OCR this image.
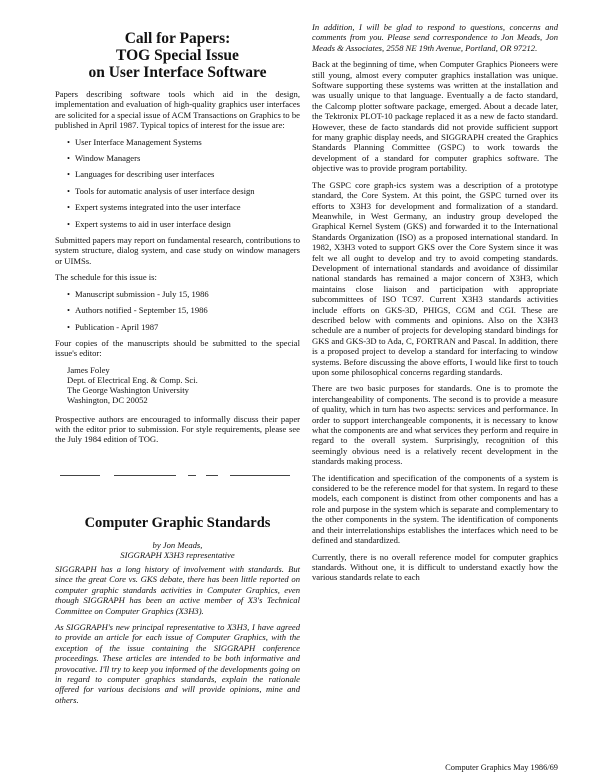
Call for Papers:
TOG Special Issue
on User Interface Software

Papers describing software tools which aid in the design, implementation and evaluation of high-quality graphics user interfaces are solicited for a special issue of ACM Transactions on Graphics to be published in April 1987. Typical topics of interest for the issue are:

• User Interface Management Systems
• Window Managers
• Languages for describing user interfaces
• Tools for automatic analysis of user interface design
• Expert systems integrated into the user interface
• Expert systems to aid in user interface design

Submitted papers may report on fundamental research, contributions to system structure, dialog system, and case study on window managers or UIMSs.

The schedule for this issue is:

• Manuscript submission - July 15, 1986
• Authors notified - September 15, 1986
• Publication - April 1987

Four copies of the manuscripts should be submitted to the special issue's editor:

James Foley
Dept. of Electrical Eng. & Comp. Sci.
The George Washington University
Washington, DC 20052

Prospective authors are encouraged to informally discuss their paper with the editor prior to submission. For style requirements, please see the July 1984 edition of TOG.

Computer Graphic Standards
by Jon Meads,
SIGGRAPH X3H3 representative

SIGGRAPH has a long history of involvement with standards. But since the great Core vs. GKS debate, there has been little reported on computer graphic standards activities in Computer Graphics, even though SIGGRAPH has been an active member of X3's Technical Committee on Computer Graphics (X3H3).

As SIGGRAPH's new principal representative to X3H3, I have agreed to provide an article for each issue of Computer Graphics, with the exception of the issue containing the SIGGRAPH conference proceedings. These articles are intended to be both informative and provocative. I'll try to keep you informed of the developments going on in regard to computer graphics standards, explain the rationale offered for various decisions and will provide opinions, mine and others.

In addition, I will be glad to respond to questions, concerns and comments from you. Please send correspondence to Jon Meads, Jon Meads & Associates, 2558 NE 19th Avenue, Portland, OR 97212.

Back at the beginning of time, when Computer Graphics Pioneers were still young, almost every computer graphics installation was unique. Software supporting these systems was written at the installation and was usually unique to that language. Eventually a de facto standard, the Calcomp plotter software package, emerged. About a decade later, the Tektronix PLOT-10 package replaced it as a new de facto standard. However, these de facto standards did not provide sufficient support for many graphic display needs, and SIGGRAPH created the Graphics Standards Planning Committee (GSPC) to work towards the development of a standard for computer graphics software. The objective was to provide program portability.

The GSPC core graph-ics system was a description of a prototype standard, the Core System. At this point, the GSPC turned over its efforts to X3H3 for development and formalization of a standard. Meanwhile, in West Germany, an industry group developed the Graphical Kernel System (GKS) and forwarded it to the International Standards Organization (ISO) as a proposed international standard. In 1982, X3H3 voted to support GKS over the Core System since it was felt we all ought to develop and try to avoid competing standards. Development of international standards and avoidance of dissimilar national standards has remained a major concern of X3H3, which maintains close liaison and participation with appropriate subcommittees of ISO TC97. Current X3H3 standards activities include efforts on GKS-3D, PHIGS, CGM and CGI. These are described below with comments and opinions. Also on the X3H3 schedule are a number of projects for developing standard bindings for GKS and GKS-3D to Ada, C, FORTRAN and Pascal. In addition, there is a proposed project to develop a standard for interfacing to window systems. Before discussing the above efforts, I would like first to touch upon some philosophical concerns regarding standards.

There are two basic purposes for standards. One is to promote the interchangeability of components. The second is to provide a measure of quality, which in turn has two aspects: services and performance. In order to support interchangeable components, it is necessary to know what the components are and what services they perform and require in regard to the overall system. Surprisingly, recognition of this seemingly obvious need is a relatively recent development in the standards making process.

The identification and specification of the components of a system is considered to be the reference model for that system. In regard to these models, each component is distinct from other components and has a role and purpose in the system which is separate and complementary to the other components in the system. The identification of components and their interrelationships establishes the interfaces which need to be defined and standardized.

Currently, there is no overall reference model for computer graphics standards. Without one, it is difficult to understand exactly how the various standards relate to each

Computer Graphics May 1986/69
